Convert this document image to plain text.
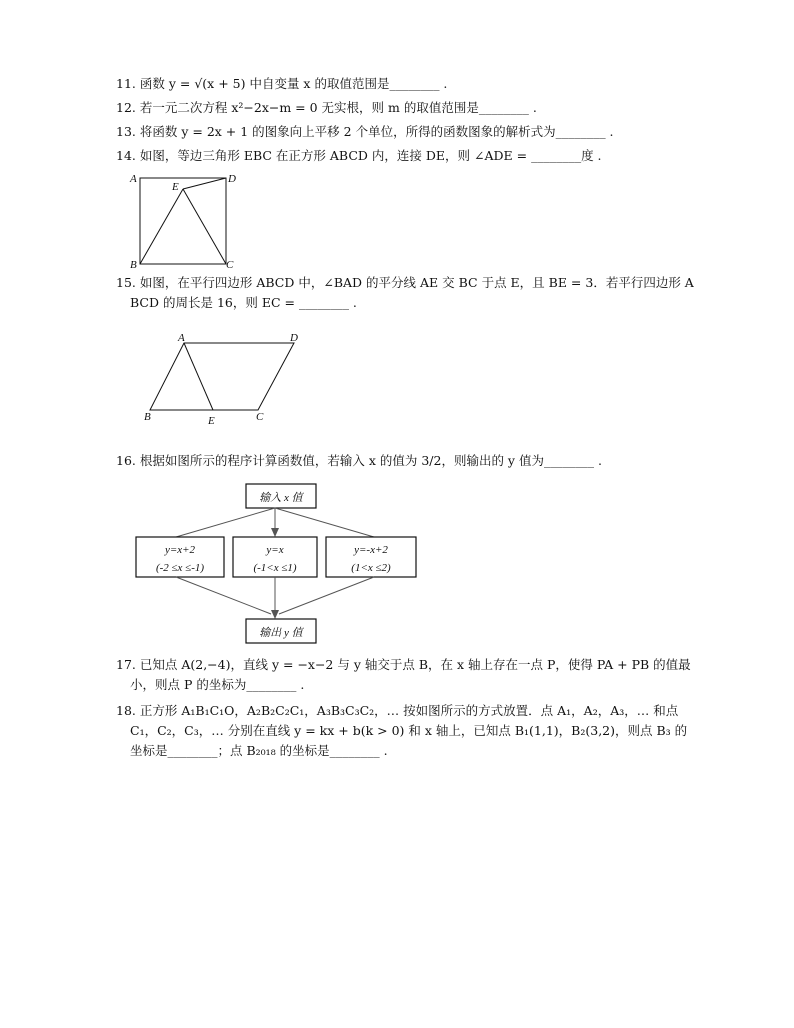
11. 函数 y = √(x + 5) 中自变量 x 的取值范围是________ .
12. 若一元二次方程 x²−2x−m = 0 无实根，则 m 的取值范围是________ .
13. 将函数 y = 2x + 1 的图象向上平移 2 个单位，所得的函数图象的解析式为________ .
14. 如图，等边三角形 EBC 在正方形 ABCD 内，连接 DE，则 ∠ADE = ________度 .
A
E
D
B	C
15. 如图，在平行四边形 ABCD 中，∠BAD 的平分线 AE 交 BC 于点 E，且 BE = 3．若平行四边形 A
BCD 的周长是 16，则 EC = ________ .
A	D
B	E	C
16. 根据如图所示的程序计算函数值，若输入 x 的值为 3/2，则输出的 y 值为________ .
输入 x 值
y=x+2
(-2 ≤x ≤-1)
y=x
(-1<x ≤1)
y=-x+2
(1<x ≤2)
输出 y 值
17. 已知点 A(2,−4)，直线 y = −x−2 与 y 轴交于点 B，在 x 轴上存在一点 P，使得 PA + PB 的值最
小，则点 P 的坐标为________ .
18. 正方形 A₁B₁C₁O，A₂B₂C₂C₁，A₃B₃C₃C₂，… 按如图所示的方式放置．点 A₁，A₂，A₃，… 和点
C₁，C₂，C₃，… 分别在直线 y = kx + b(k > 0) 和 x 轴上，已知点 B₁(1,1)，B₂(3,2)，则点 B₃ 的
坐标是________；点 B₂₀₁₈ 的坐标是________ .
